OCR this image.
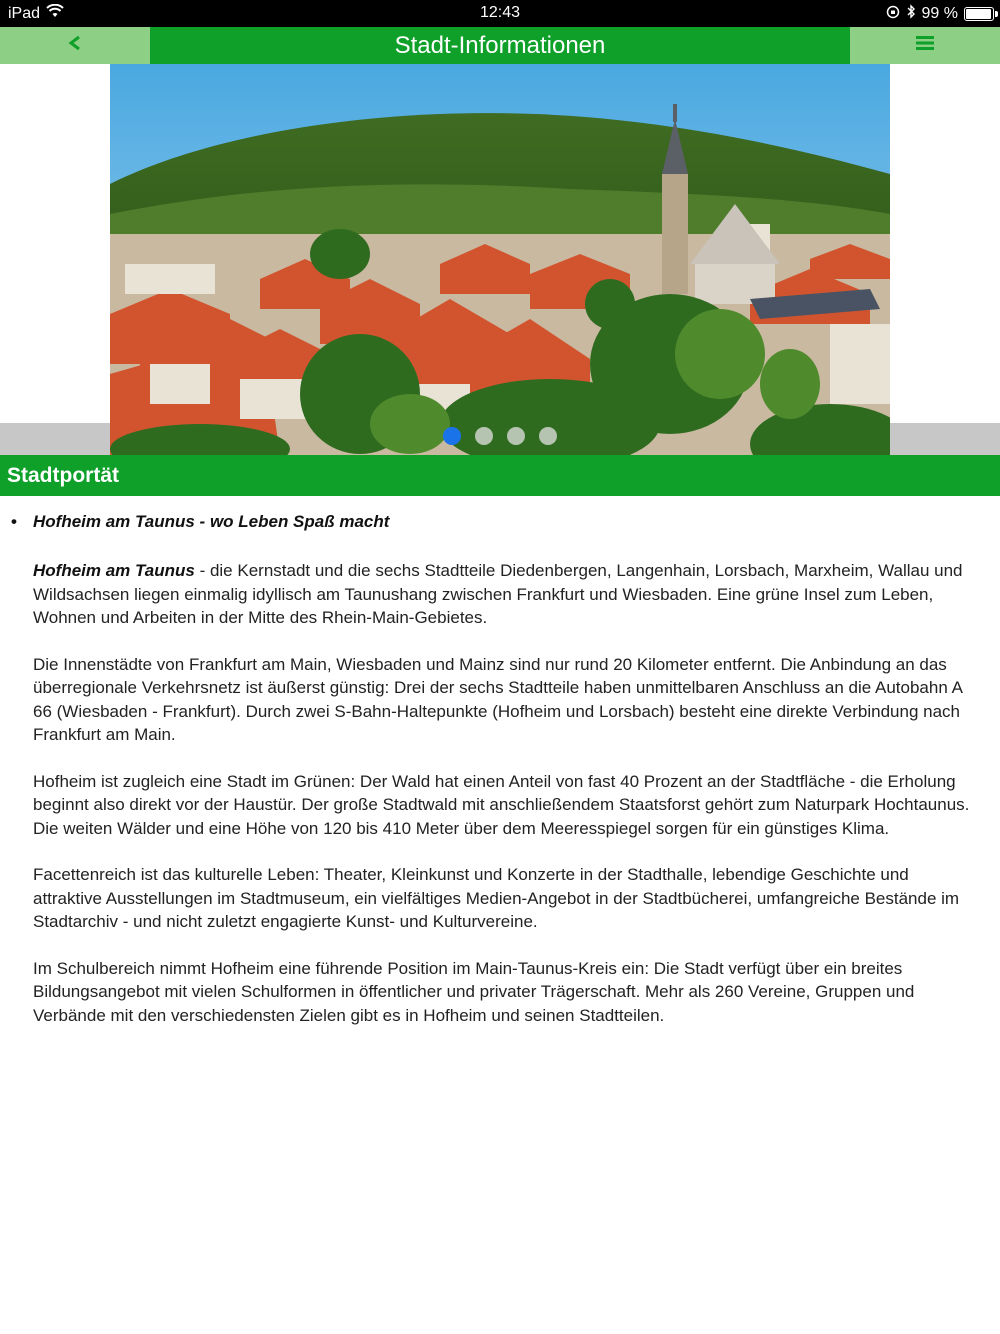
iPad	12:43	99 %
Stadt-Informationen
Stadtportät
• Hofheim am Taunus - wo Leben Spaß macht

Hofheim am Taunus - die Kernstadt und die sechs Stadtteile Diedenbergen, Langenhain, Lorsbach, Marxheim, Wallau und Wildsachsen liegen einmalig idyllisch am Taunushang zwischen Frankfurt und Wiesbaden. Eine grüne Insel zum Leben, Wohnen und Arbeiten in der Mitte des Rhein-Main-Gebietes.

Die Innenstädte von Frankfurt am Main, Wiesbaden und Mainz sind nur rund 20 Kilometer entfernt. Die Anbindung an das überregionale Verkehrsnetz ist äußerst günstig: Drei der sechs Stadtteile haben unmittelbaren Anschluss an die Autobahn A 66 (Wiesbaden - Frankfurt). Durch zwei S-Bahn-Haltepunkte (Hofheim und Lorsbach) besteht eine direkte Verbindung nach Frankfurt am Main.

Hofheim ist zugleich eine Stadt im Grünen: Der Wald hat einen Anteil von fast 40 Prozent an der Stadtfläche - die Erholung beginnt also direkt vor der Haustür. Der große Stadtwald mit anschließendem Staatsforst gehört zum Naturpark Hochtaunus. Die weiten Wälder und eine Höhe von 120 bis 410 Meter über dem Meeresspiegel sorgen für ein günstiges Klima.

Facettenreich ist das kulturelle Leben: Theater, Kleinkunst und Konzerte in der Stadthalle, lebendige Geschichte und attraktive Ausstellungen im Stadtmuseum, ein vielfältiges Medien-Angebot in der Stadtbücherei, umfangreiche Bestände im Stadtarchiv - und nicht zuletzt engagierte Kunst- und Kulturvereine.

Im Schulbereich nimmt Hofheim eine führende Position im Main-Taunus-Kreis ein: Die Stadt verfügt über ein breites Bildungsangebot mit vielen Schulformen in öffentlicher und privater Trägerschaft. Mehr als 260 Vereine, Gruppen und Verbände mit den verschiedensten Zielen gibt es in Hofheim und seinen Stadtteilen.
